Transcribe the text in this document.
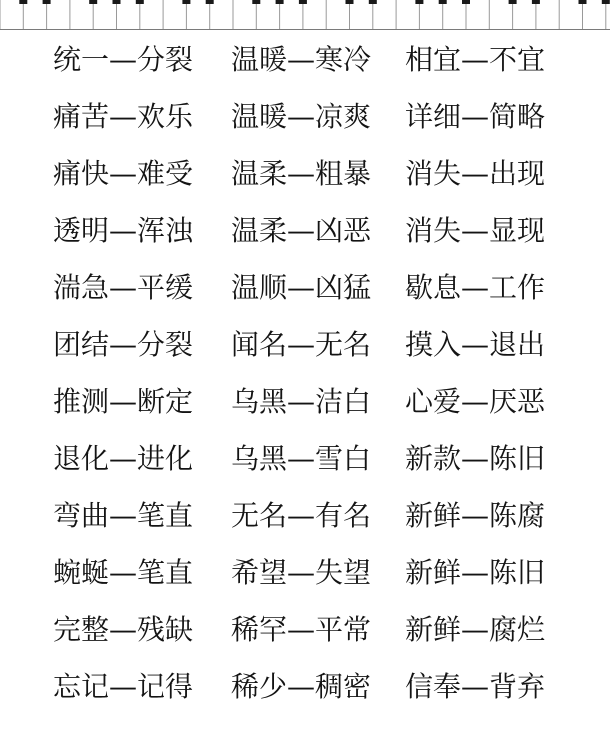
统一—分裂 温暖—寒冷 相宜—不宜
痛苦—欢乐 温暖—凉爽 详细—简略
痛快—难受 温柔—粗暴 消失—出现
透明—浑浊 温柔—凶恶 消失—显现
湍急—平缓 温顺—凶猛 歇息—工作
团结—分裂 闻名—无名 摸入—退出
推测—断定 乌黑—洁白 心爱—厌恶
退化—进化 乌黑—雪白 新款—陈旧
弯曲—笔直 无名—有名 新鲜—陈腐
蜿蜒—笔直 希望—失望 新鲜—陈旧
完整—残缺 稀罕—平常 新鲜—腐烂
忘记—记得 稀少—稠密 信奉—背弃
